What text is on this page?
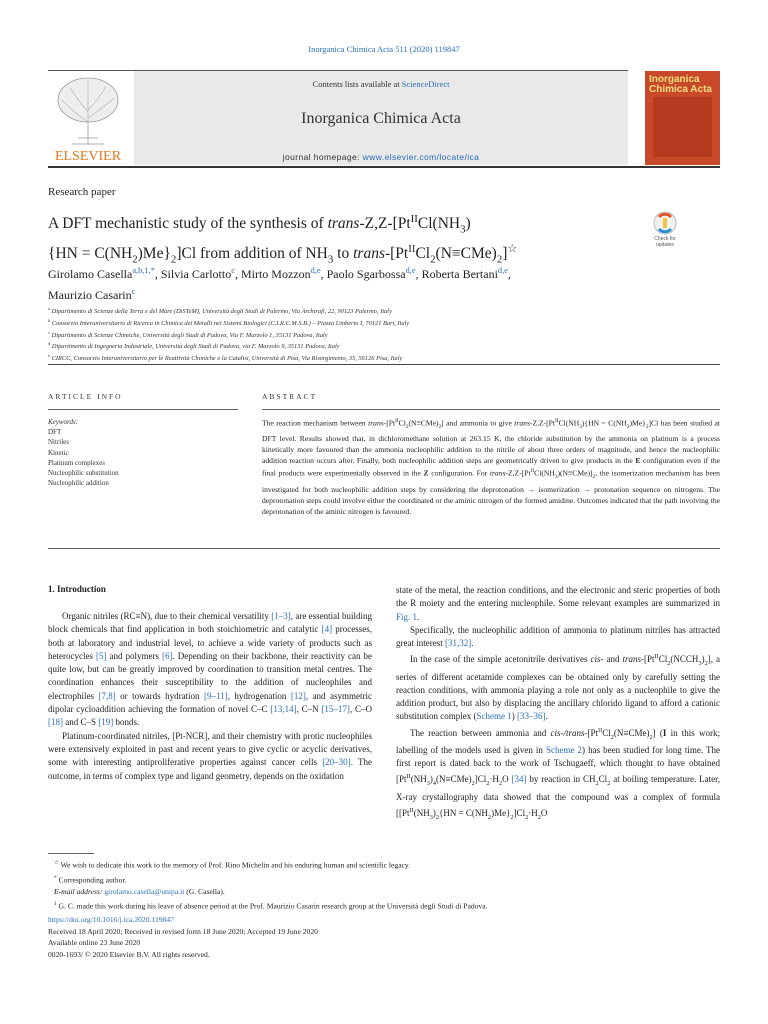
Inorganica Chimica Acta 511 (2020) 119847
ELSEVIER
Contents lists available at ScienceDirect
Inorganica Chimica Acta
journal homepage: www.elsevier.com/locate/ica
Inorganica
Chimica Acta
Research paper
A DFT mechanistic study of the synthesis of trans-$Z,Z-[Pt^{II}Cl(NH_3)$
$\{HN = C(NH_2)Me\}_2]Cl$ from addition of $NH_3$ to trans-$[Pt^{II}Cl_2(N\equiv CMe)_2]^☆$
Check for
updates
Girolamo Casella$^{a,b,1,*}$, Silvia Carlotto$^c$, Mirto Mozzon$^{d,e}$, Paolo Sgarbossa$^{d,e}$, Roberta Bertani$^{d,e}$,
Maurizio Casarin$^c$
$^a$ Dipartimento di Scienze della Terra e del Mare (DiSTeM), Università degli Studi di Palermo, Via Archirafi, 22, 90123 Palermo, Italy
$^b$ Consorzio Interuniversitario di Ricerca in Chimica dei Metalli nei Sistemi Biologici (C.I.R.C.M.S.B.) – Piazza Umberto I, 70121 Bari, Italy
$^c$ Dipartimento di Scienze Chimiche, Università degli Studi di Padova, Via F. Marzolo 1, 35131 Padova, Italy
$^d$ Dipartimento di Ingegneria Industriale, Università degli Studi di Padova, via F. Marzolo 9, 35131 Padova, Italy
$^e$ CIRCC, Consorzio Interuniversitario per le Reattività Chimiche e la Catalisi, Università di Pisa, Via Risorgimento, 35, 56126 Pisa, Italy
ARTICLE INFO	ABSTRACT
Keywords:
DFT
Nitriles
Kinetic
Platinum complexes
Nucleophilic substitution
Nucleophilic addition
The reaction mechanism between trans-$[Pt^{II}Cl_2(N\equiv CMe)_2]$ and ammonia to give trans-$Z,Z-[Pt^{II}Cl(NH_3)\{HN = C(NH_2)Me\}_2]Cl$ has been studied at DFT level. Results showed that, in dichloromethane solution at 263.15 K, the chloride substitution by the ammonia on platinum is a process kinetically more favoured than the ammonia nucleophilic addition to the nitrile of about three orders of magnitude, and hence the nucleophilic addition reaction occurs after. Finally, both nucleophilic addition steps are geometrically driven to give products in the E configuration even if the final products were experimentally observed in the Z configuration. For trans-$Z,Z-[Pt^{II}Cl(NH_3)(N\equiv CMe)]_2$, the isomerization mechanism has been investigated for both nucleophilic addition steps by considering the deprotonation → isomerization → protonation sequence on nitrogens. The deprotonation steps could involve either the coordinated or the aminic nitrogen of the formed amidine. Outcomes indicated that the path involving the deprotonation of the aminic nitrogen is favoured.
1. Introduction

Organic nitriles (RC≡N), due to their chemical versatility [1–3], are essential building block chemicals that find application in both stoichiometric and catalytic [4] processes, both at laboratory and industrial level, to achieve a wide variety of products such as heterocycles [5] and polymers [6]. Depending on their backbone, their reactivity can be quite low, but can be greatly improved by coordination to transition metal centres. The coordination enhances their susceptibility to the addition of nucleophiles and electrophiles [7,8] or towards hydration [9–11], hydrogenation [12], and asymmetric dipolar cycloaddition achieving the formation of novel C–C [13,14], C–N [15–17], C–O [18] and C–S [19] bonds.

Platinum-coordinated nitriles, [Pt-NCR], and their chemistry with protic nucleophiles were extensively exploited in past and recent years to give cyclic or acyclic derivatives, some with interesting antiproliferative properties against cancer cells [20–30]. The outcome, in terms of complex type and ligand geometry, depends on the oxidation

state of the metal, the reaction conditions, and the electronic and steric properties of both the R moiety and the entering nucleophile. Some relevant examples are summarized in Fig. 1.

Specifically, the nucleophilic addition of ammonia to platinum nitriles has attracted great interest [31,32].

In the case of the simple acetonitrile derivatives cis- and trans-$[Pt^{II}Cl_2(NCCH_3)_2]$, a series of different acetamide complexes can be obtained only by carefully setting the reaction conditions, with ammonia playing a role not only as a nucleophile to give the addition product, but also by displacing the ancillary chlorido ligand to afford a cationic substitution complex (Scheme 1) [33–36].

The reaction between ammonia and cis-$/trans-[Pt^{II}Cl_2(N\equiv CMe)_2]$ (I in this work; labelling of the models used is given in Scheme 2) has been studied for long time. The first report is dated back to the work of Tschugaeff, which thought to have obtained $[Pt^{II}(NH_3)_4(N\equiv CMe)_2]Cl_2\cdot H_2O$ [34] by reaction in $CH_2Cl_2$ at boiling temperature. Later, X-ray crystallography data showed that the compound was a complex of formula [$[Pt^{II}(NH_3)_2\{HN = C(NH_2)Me\}_2]Cl_2\cdot H_2O$

☆ We wish to dedicate this work to the memory of Prof. Rino Michelin and his enduring human and scientific legacy.

* Corresponding author.

E-mail address: girolamo.casella@unipa.it (G. Casella).

$^1$ G. C. made this work during his leave of absence period at the Prof. Maurizio Casarin research group at the Università degli Studi di Padova.

https://doi.org/10.1016/j.ica.2020.119847
Received 18 April 2020; Received in revised form 18 June 2020; Accepted 19 June 2020
Available online 23 June 2020
0020-1693/ © 2020 Elsevier B.V. All rights reserved.
